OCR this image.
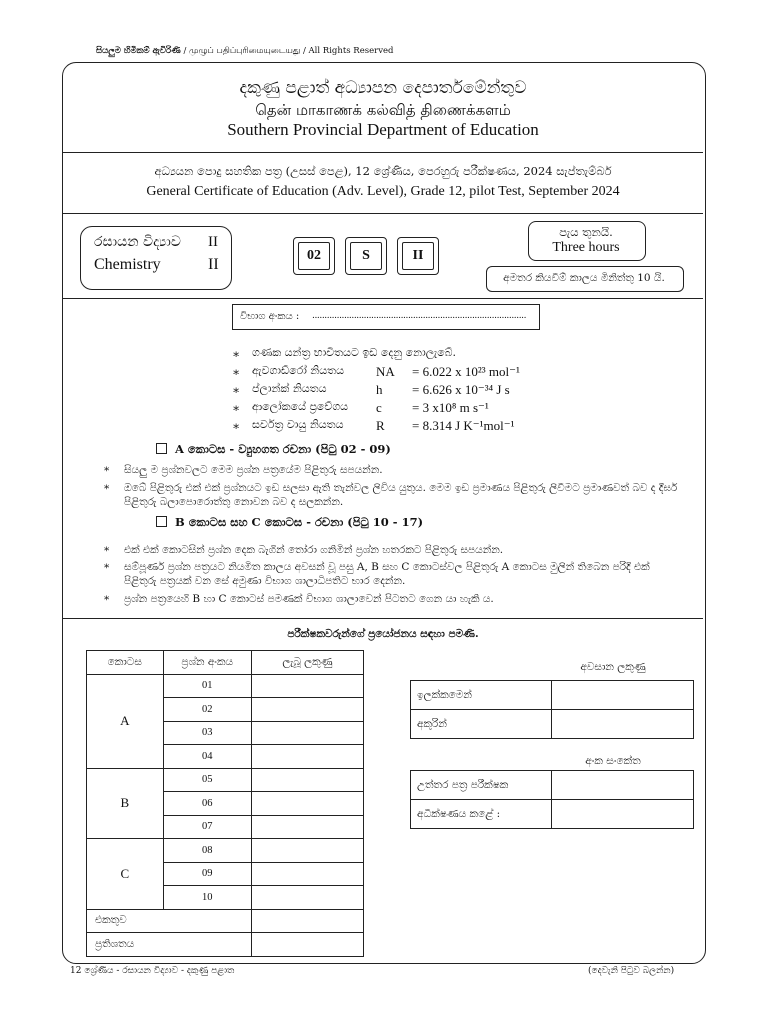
සියලුම හිමිකම් ඇවිරිණි / முழுப் பதிப்புரிமையுடையது / All Rights Reserved
දකුණු පළාත් අධ්‍යාපන දෙපාර්තමේන්තුව
தென் மாகாணக் கல்வித் திணைக்களம்
Southern Provincial Department of Education
අධ්‍යයන පොදු සහතික පත්‍ර (උසස් පෙළ), 12 ශ්‍රේණිය, පෙරහුරු පරීක්ෂණය, 2024 සැප්තැම්බර්
General Certificate of Education (Adv. Level), Grade 12, pilot Test, September 2024
රසායන විද්‍යාව II
Chemistry	II
02	S	II
පැය තුනයි.
Three hours
අමතර කියවීම් කාලය මිනිත්තු 10 යි.
විභාග අංකය : .......................................................................................
∗ ගණක යන්ත්‍ර භාවිතයට ඉඩ දෙනු නොලැබේ.
∗ ඇවගාඩ්රෝ නියතය NA = 6.022 x 10²³ mol⁻¹
∗ ප්ලාන්ක් නියතය	h = 6.626 x 10⁻³⁴ J s
∗ ආලෝකයේ ප්‍රවේගය c = 3 x10⁸ m s⁻¹
∗ සර්වත්‍ර වායු නියතය R = 8.314 J K⁻¹mol⁻¹
A කොටස - ව්‍යුහගත රචනා (පිටු 02 - 09)
* සියලු ම ප්‍රශ්නවලට මෙම ප්‍රශ්න පත්‍රයේම පිළිතුරු සපයන්න.
* ඔබේ පිළිතුරු එක් එක් ප්‍රශ්නයට ඉඩ සලසා ඇති තැන්වල ලිවිය යුතුය. මෙම ඉඩ ප්‍රමාණය පිළිතුරු ලිවීමට ප්‍රමාණවත් බව ද දීර්ඝ පිළිතුරු බලාපොරොත්තු නොවන බව ද සලකන්න.
B කොටස සහ C කොටස - රචනා (පිටු 10 - 17)
* එක් එක් කොටසින් ප්‍රශ්න දෙක බැගින් තෝරා ගනිමින් ප්‍රශ්න හතරකට පිළිතුරු සපයන්න.
* සම්පූර්ණ ප්‍රශ්න පත්‍රයට නියමිත කාලය අවසන් වූ පසු A, B සහ C කොටස්වල පිළිතුරු A කොටස මුලින් තිබෙන පරිදි එක් පිළිතුරු පත්‍රයක් වන සේ අමුණා විභාග ශාලාධිපතිට භාර දෙන්න.
* ප්‍රශ්න පත්‍රයෙහි B හා C කොටස් පමණක් විභාග ශාලාවෙන් පිටතට ගෙන යා හැකි ය.
පරීක්ෂකවරුන්ගේ ප්‍රයෝජනය සඳහා පමණි.
කොටස	ප්‍රශ්න අංකය	ලැබූ ලකුණු
A	01	
	02	
	03	
	04	
B	05	
	06	
	07	
C	08	
	09	
	10	
එකතුව		
ප්‍රතිශතය		
අවසාන ලකුණු
ඉලක්කමෙන්	
අකුරින්	
අංක සංකේත
උත්තර පත්‍ර පරීක්ෂක	
අධීක්ෂණය කළේ :	
12 ශ්‍රේණිය - රසායන විද්‍යාව - දකුණු පළාත	(දෙවැනි පිටුව බලන්න)
